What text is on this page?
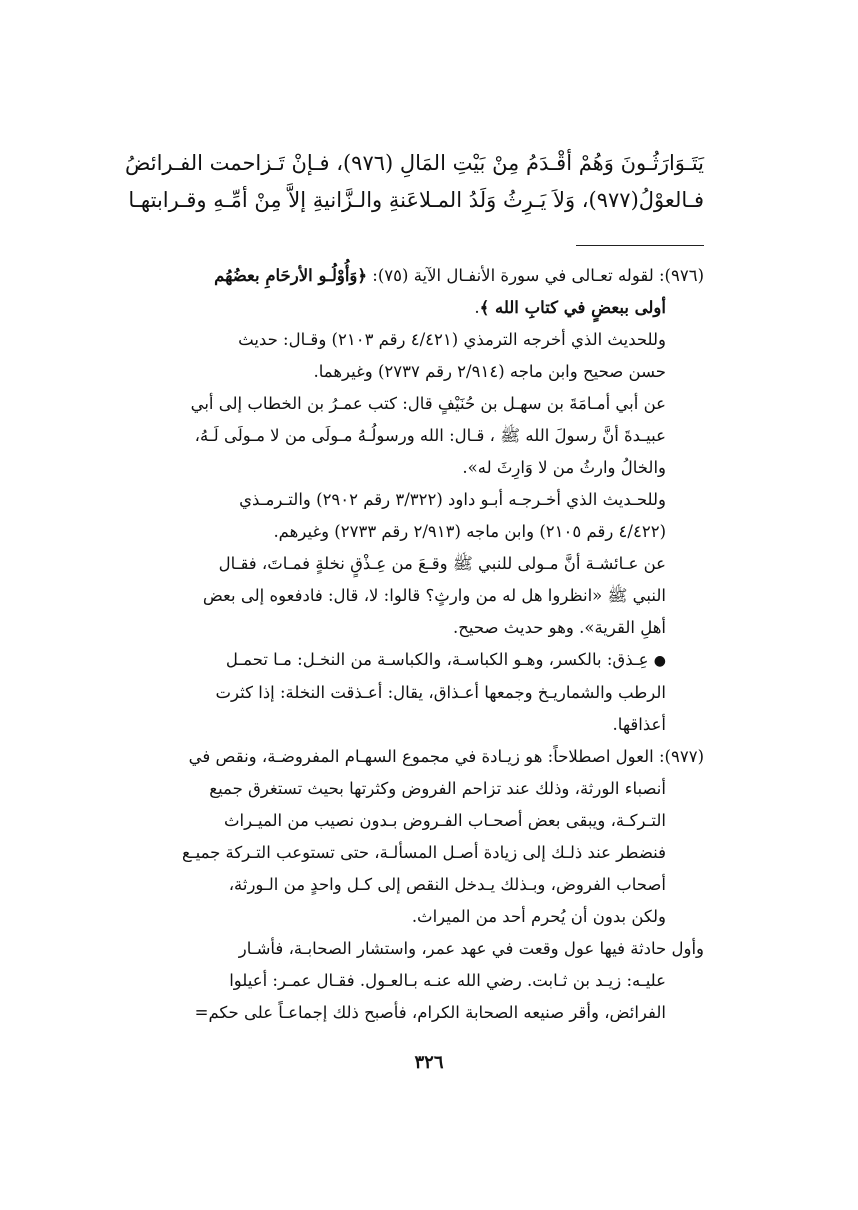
يَتَـوَارَثُـونَ وَهُمْ أقْـدَمُ مِنْ بَيْتِ المَالِ (٩٧٦)، فـإنْ تَـزاحمت الفـرائضُ
فـالعوْلُ(٩٧٧)، وَلاَ يَـرِثُ وَلَدُ المـلاعَنةِ والـزَّانيةِ إلاَّ مِنْ أمِّـهِ وقـرابتهـا
(٩٧٦): لقوله تعـالى في سورة الأنفـال الآية (٧٥): ﴿وَأُوْلُـو الأرحَامِ بعضُهُم
أولى ببعضٍ في كتابِ الله ﴾.
وللحديث الذي أخرجه الترمذي (٤/٤٢١ رقم ٢١٠٣) وقـال: حديث
حسن صحيح وابن ماجه (٢/٩١٤ رقم ٢٧٣٧) وغيرهما.
عن أبي أمـامَةَ بن سهـل بن حُنَيْفٍ قال: كتب عمـرُ بن الخطاب إلى أبي
عبيـدةَ أنَّ رسولَ الله ﷺ ، قـال: الله ورسولُـهُ مـولَى من لا مـولَى لَـهُ،
والخالُ وارثُ من لا وَارِثَ له».
وللحـديث الذي أخـرجـه أبـو داود (٣/٣٢٢ رقم ٢٩٠٢) والتـرمـذي
(٤/٤٢٢ رقم ٢١٠٥) وابن ماجه (٢/٩١٣ رقم ٢٧٣٣) وغيرهم.
عن عـائشـة أنَّ مـولى للنبي ﷺ وقـعَ من عِـذْقٍ نخلةٍ فمـاتَ، فقـال
النبي ﷺ «انظروا هل له من وارثٍ؟ قالوا: لا، قال: فادفعوه إلى بعض
أهلِ القرية». وهو حديث صحيح.
● عِـذق: بالكسر، وهـو الكباسـة، والكباسـة من النخـل: مـا تحمـل
الرطب والشماريـخ وجمعها أعـذاق، يقال: أعـذقت النخلة: إذا كثرت
أعذاقها.
(٩٧٧): العول اصطلاحاً: هو زيـادة في مجموع السهـام المفروضـة، ونقص في
أنصباء الورثة، وذلك عند تزاحم الفروض وكثرتها بحيث تستغرق جميع
التـركـة، ويبقى بعض أصحـاب الفـروض بـدون نصيب من الميـراث
فنضطر عند ذلـك إلى زيادة أصـل المسألـة، حتى تستوعب التـركة جميـع
أصحاب الفروض، وبـذلك يـدخل النقص إلى كـل واحدٍ من الـورثة،
ولكن بدون أن يُحرم أحد من الميراث.
وأول حادثة فيها عول وقعت في عهد عمر، واستشار الصحابـة، فأشـار
عليـه: زيـد بن ثـابت. رضي الله عنـه بـالعـول. فقـال عمـر: أعيلوا
الفرائض، وأقر صنيعه الصحابة الكرام، فأصبح ذلك إجماعـاً على حكم=
٣٢٦
